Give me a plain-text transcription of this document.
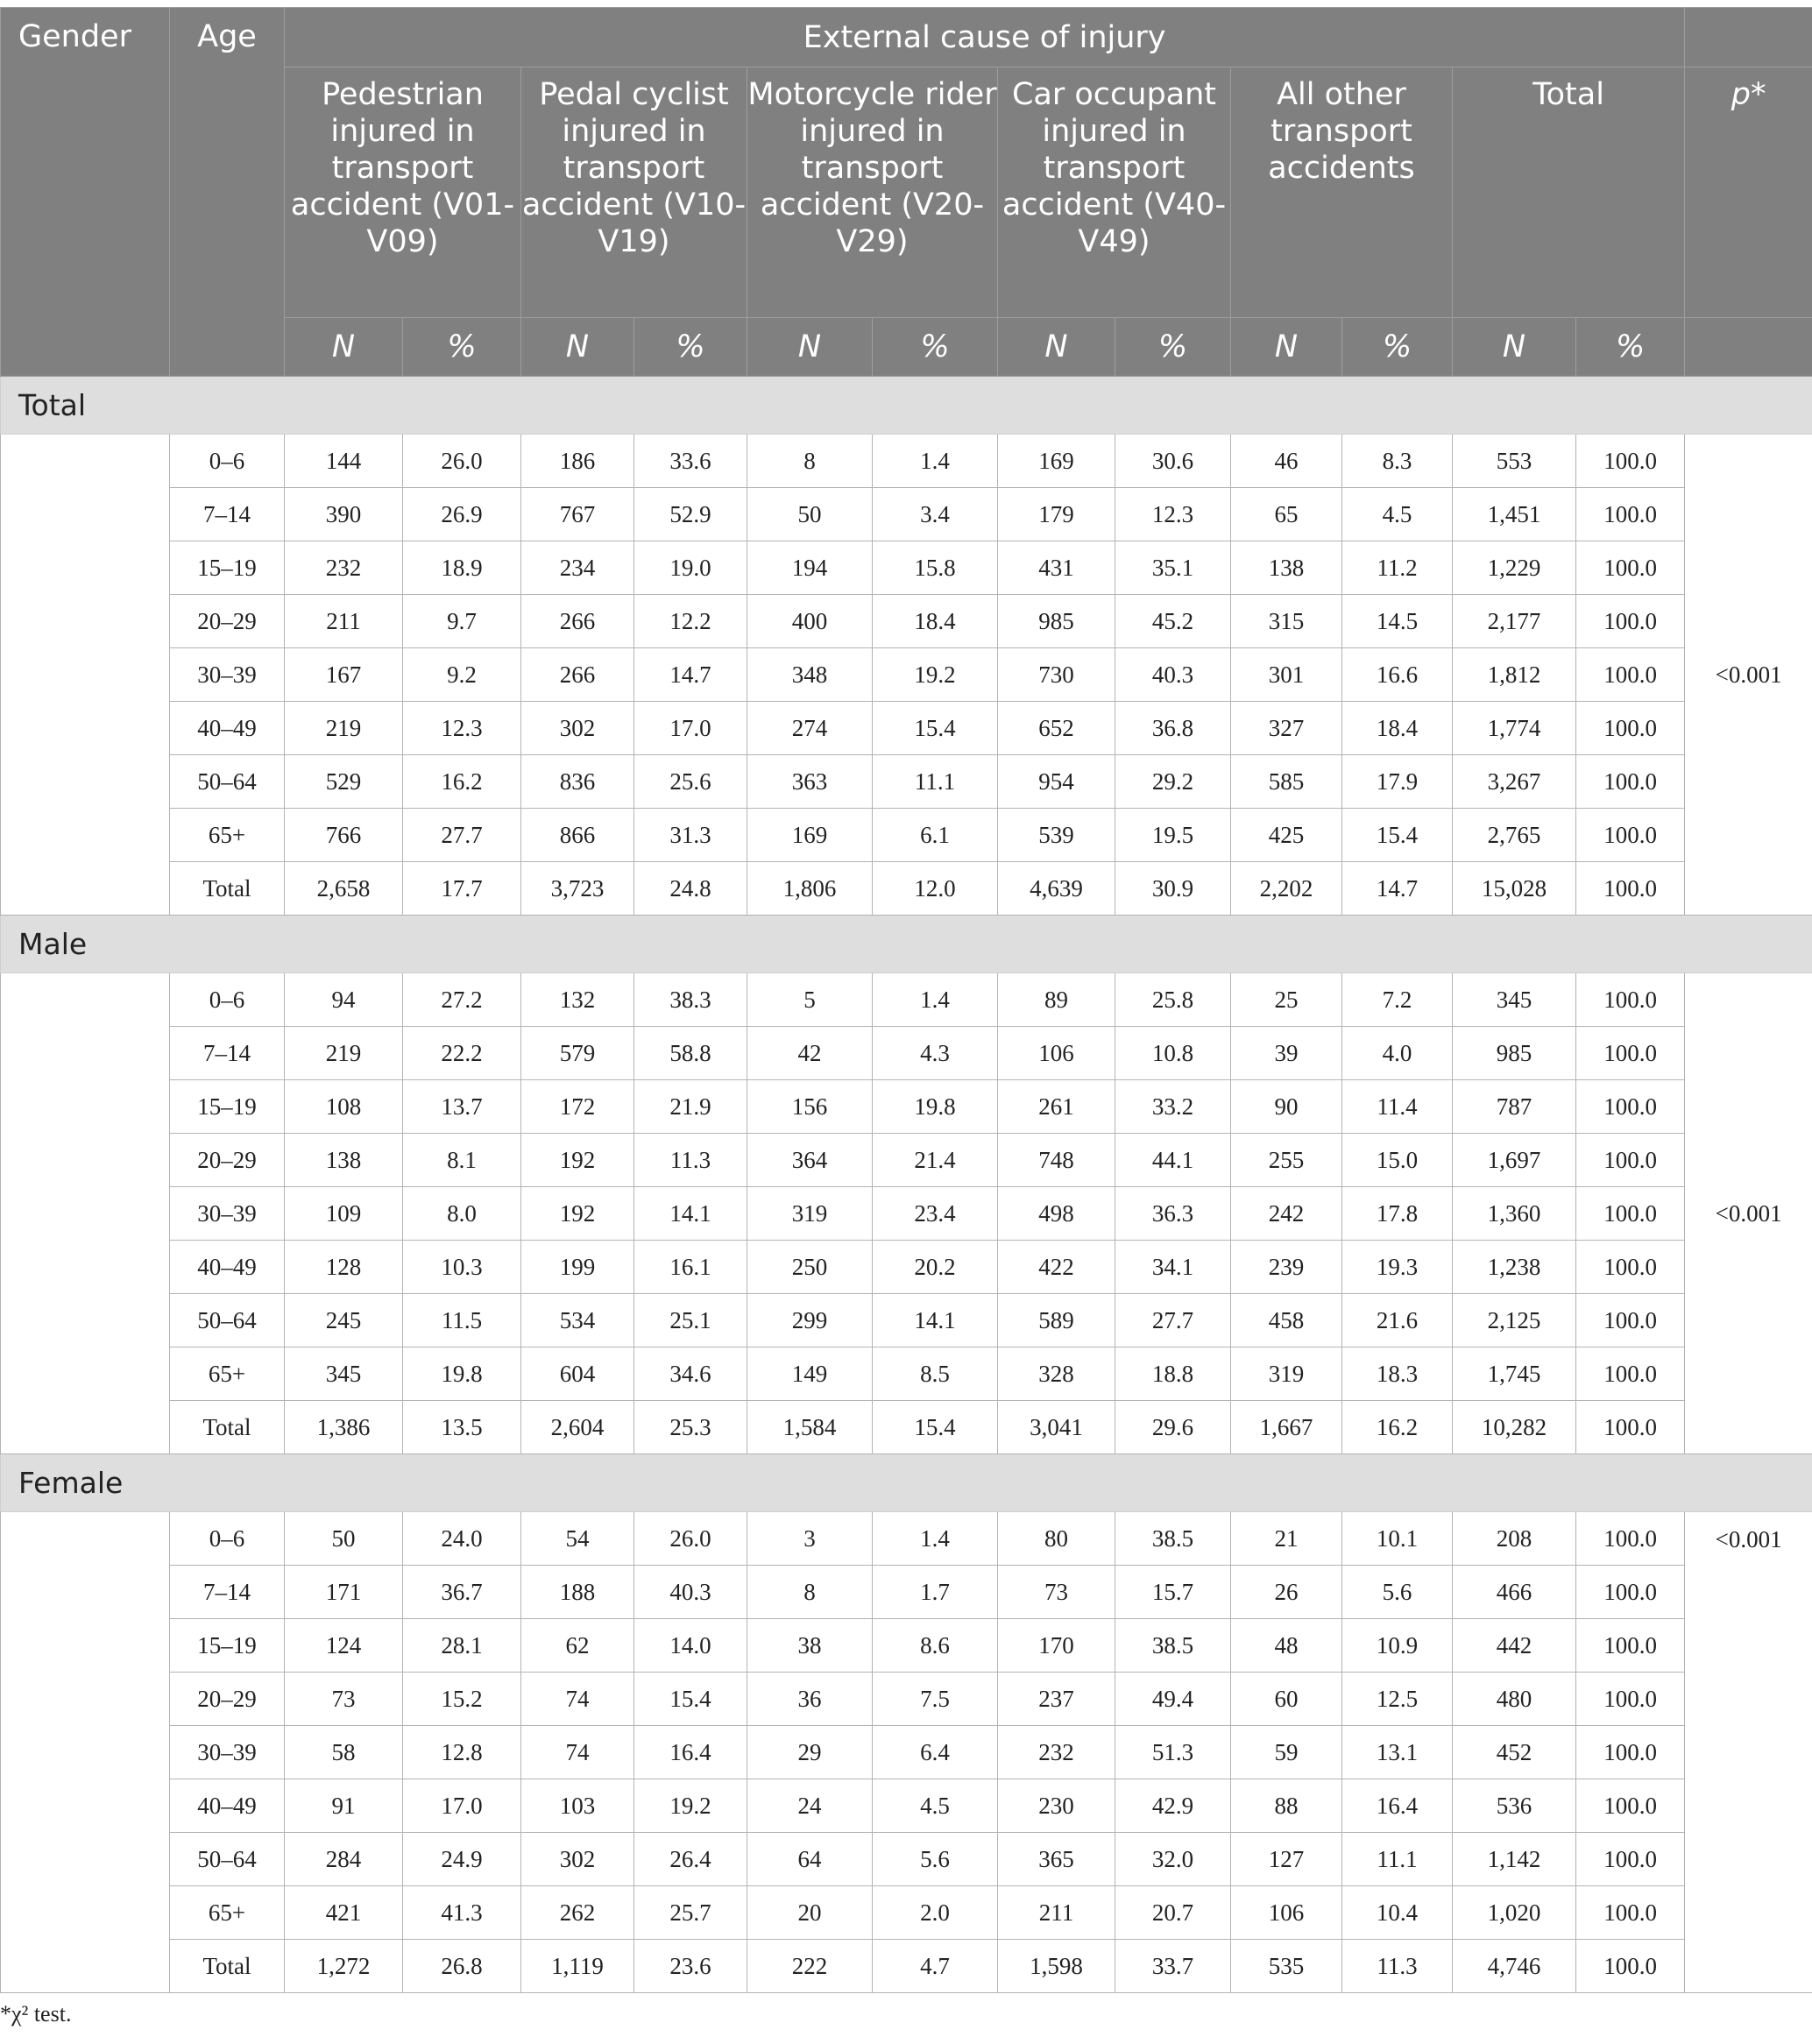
Gender	Age	External cause of injury												
		Pedestrian injured in transport accident (V01-V09)		Pedal cyclist injured in transport accident (V10-V19)		Motorcycle rider injured in transport accident (V20-V29)		Car occupant injured in transport accident (V40-V49)		All other transport accidents		Total		p*
		N	%	N	%	N	%	N	%	N	%	N	%	
Total														
	0–6	144	26.0	186	33.6	8	1.4	169	30.6	46	8.3	553	100.0	<0.001
	7–14	390	26.9	767	52.9	50	3.4	179	12.3	65	4.5	1,451	100.0	
	15–19	232	18.9	234	19.0	194	15.8	431	35.1	138	11.2	1,229	100.0	
	20–29	211	9.7	266	12.2	400	18.4	985	45.2	315	14.5	2,177	100.0	
	30–39	167	9.2	266	14.7	348	19.2	730	40.3	301	16.6	1,812	100.0	
	40–49	219	12.3	302	17.0	274	15.4	652	36.8	327	18.4	1,774	100.0	
	50–64	529	16.2	836	25.6	363	11.1	954	29.2	585	17.9	3,267	100.0	
	65+	766	27.7	866	31.3	169	6.1	539	19.5	425	15.4	2,765	100.0	
	Total	2,658	17.7	3,723	24.8	1,806	12.0	4,639	30.9	2,202	14.7	15,028	100.0	
Male														
	0–6	94	27.2	132	38.3	5	1.4	89	25.8	25	7.2	345	100.0	<0.001
	7–14	219	22.2	579	58.8	42	4.3	106	10.8	39	4.0	985	100.0	
	15–19	108	13.7	172	21.9	156	19.8	261	33.2	90	11.4	787	100.0	
	20–29	138	8.1	192	11.3	364	21.4	748	44.1	255	15.0	1,697	100.0	
	30–39	109	8.0	192	14.1	319	23.4	498	36.3	242	17.8	1,360	100.0	
	40–49	128	10.3	199	16.1	250	20.2	422	34.1	239	19.3	1,238	100.0	
	50–64	245	11.5	534	25.1	299	14.1	589	27.7	458	21.6	2,125	100.0	
	65+	345	19.8	604	34.6	149	8.5	328	18.8	319	18.3	1,745	100.0	
	Total	1,386	13.5	2,604	25.3	1,584	15.4	3,041	29.6	1,667	16.2	10,282	100.0	
Female														
	0–6	50	24.0	54	26.0	3	1.4	80	38.5	21	10.1	208	100.0	<0.001
	7–14	171	36.7	188	40.3	8	1.7	73	15.7	26	5.6	466	100.0	
	15–19	124	28.1	62	14.0	38	8.6	170	38.5	48	10.9	442	100.0	
	20–29	73	15.2	74	15.4	36	7.5	237	49.4	60	12.5	480	100.0	
	30–39	58	12.8	74	16.4	29	6.4	232	51.3	59	13.1	452	100.0	
	40–49	91	17.0	103	19.2	24	4.5	230	42.9	88	16.4	536	100.0	
	50–64	284	24.9	302	26.4	64	5.6	365	32.0	127	11.1	1,142	100.0	
	65+	421	41.3	262	25.7	20	2.0	211	20.7	106	10.4	1,020	100.0	
	Total	1,272	26.8	1,119	23.6	222	4.7	1,598	33.7	535	11.3	4,746	100.0	
*χ² test.
